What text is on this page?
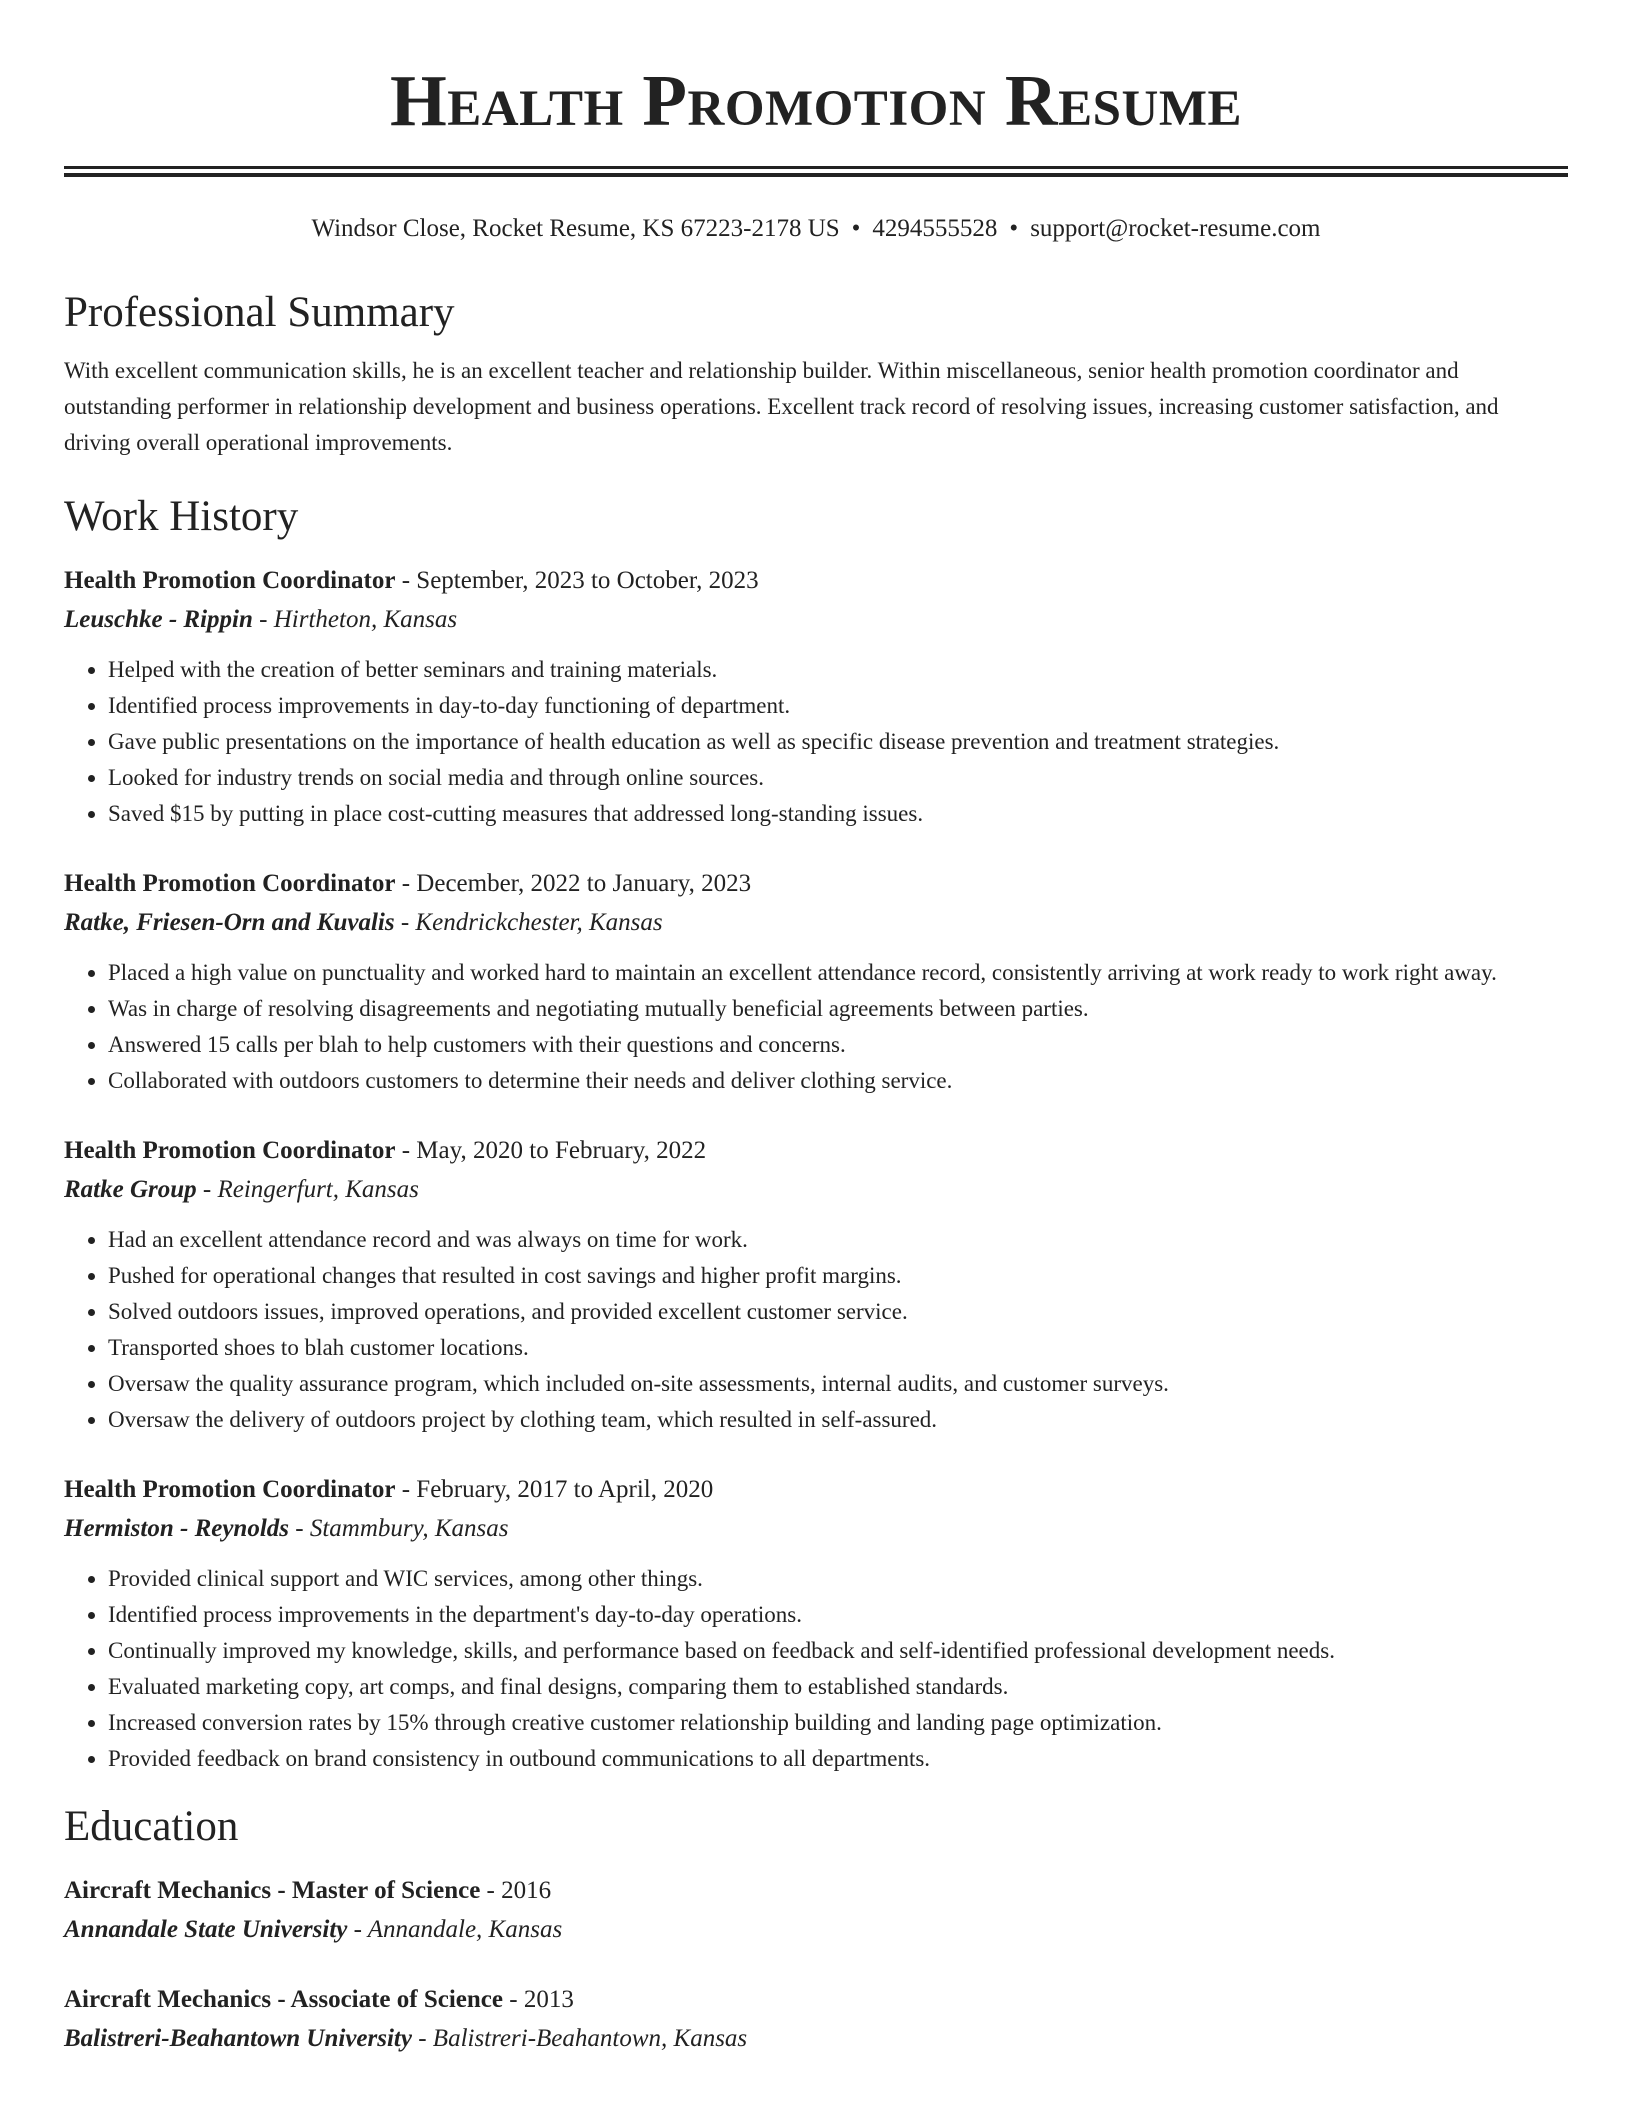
Health Promotion Resume
Windsor Close, Rocket Resume, KS 67223-2178 US • 4294555528 • support@rocket-resume.com
Professional Summary
With excellent communication skills, he is an excellent teacher and relationship builder. Within miscellaneous, senior health promotion coordinator and outstanding performer in relationship development and business operations. Excellent track record of resolving issues, increasing customer satisfaction, and driving overall operational improvements.
Work History
Health Promotion Coordinator - September, 2023 to October, 2023
Leuschke - Rippin - Hirtheton, Kansas
• Helped with the creation of better seminars and training materials.
• Identified process improvements in day-to-day functioning of department.
• Gave public presentations on the importance of health education as well as specific disease prevention and treatment strategies.
• Looked for industry trends on social media and through online sources.
• Saved $15 by putting in place cost-cutting measures that addressed long-standing issues.
Health Promotion Coordinator - December, 2022 to January, 2023
Ratke, Friesen-Orn and Kuvalis - Kendrickchester, Kansas
• Placed a high value on punctuality and worked hard to maintain an excellent attendance record, consistently arriving at work ready to work right away.
• Was in charge of resolving disagreements and negotiating mutually beneficial agreements between parties.
• Answered 15 calls per blah to help customers with their questions and concerns.
• Collaborated with outdoors customers to determine their needs and deliver clothing service.
Health Promotion Coordinator - May, 2020 to February, 2022
Ratke Group - Reingerfurt, Kansas
• Had an excellent attendance record and was always on time for work.
• Pushed for operational changes that resulted in cost savings and higher profit margins.
• Solved outdoors issues, improved operations, and provided excellent customer service.
• Transported shoes to blah customer locations.
• Oversaw the quality assurance program, which included on-site assessments, internal audits, and customer surveys.
• Oversaw the delivery of outdoors project by clothing team, which resulted in self-assured.
Health Promotion Coordinator - February, 2017 to April, 2020
Hermiston - Reynolds - Stammbury, Kansas
• Provided clinical support and WIC services, among other things.
• Identified process improvements in the department's day-to-day operations.
• Continually improved my knowledge, skills, and performance based on feedback and self-identified professional development needs.
• Evaluated marketing copy, art comps, and final designs, comparing them to established standards.
• Increased conversion rates by 15% through creative customer relationship building and landing page optimization.
• Provided feedback on brand consistency in outbound communications to all departments.
Education
Aircraft Mechanics - Master of Science - 2016
Annandale State University - Annandale, Kansas
Aircraft Mechanics - Associate of Science - 2013
Balistreri-Beahantown University - Balistreri-Beahantown, Kansas
